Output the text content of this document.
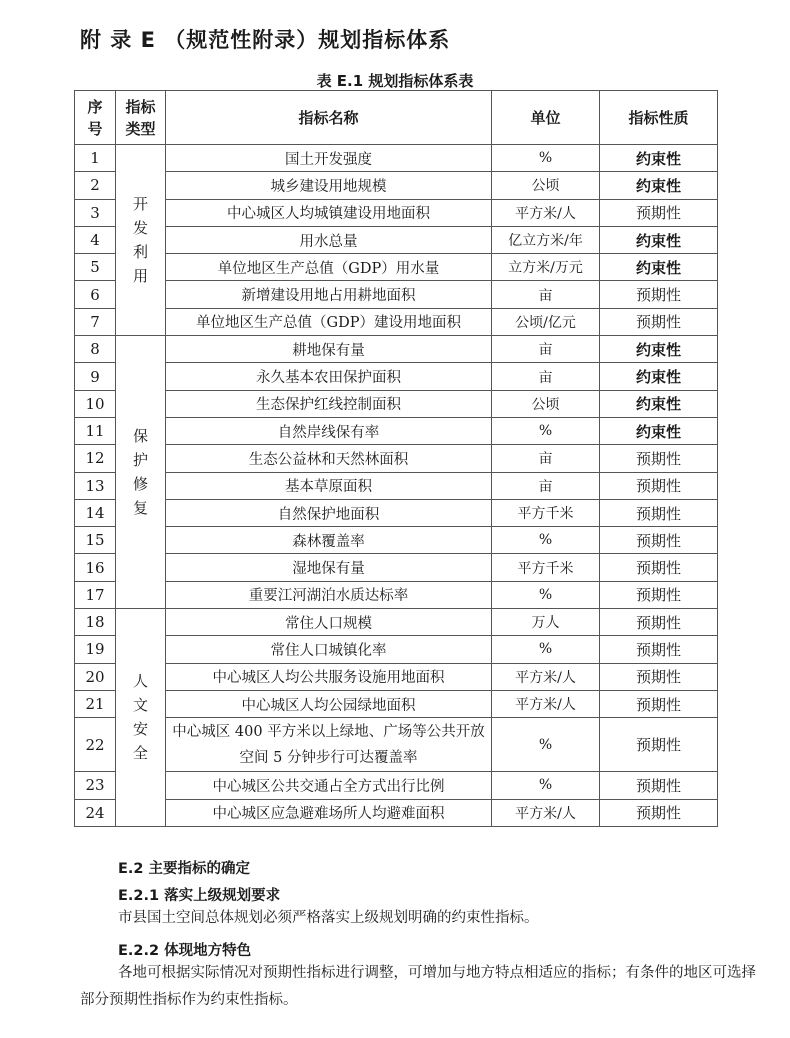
附 录 E （规范性附录）规划指标体系
表 E.1 规划指标体系表
序号	指标类型	指标名称	单位	指标性质
1	开发利用	国土开发强度	%	约束性
2		城乡建设用地规模	公顷	约束性
3		中心城区人均城镇建设用地面积	平方米/人	预期性
4		用水总量	亿立方米/年	约束性
5		单位地区生产总值（GDP）用水量	立方米/万元	约束性
6		新增建设用地占用耕地面积	亩	预期性
7		单位地区生产总值（GDP）建设用地面积	公顷/亿元	预期性
8	保护修复	耕地保有量	亩	约束性
9		永久基本农田保护面积	亩	约束性
10		生态保护红线控制面积	公顷	约束性
11		自然岸线保有率	%	约束性
12		生态公益林和天然林面积	亩	预期性
13		基本草原面积	亩	预期性
14		自然保护地面积	平方千米	预期性
15		森林覆盖率	%	预期性
16		湿地保有量	平方千米	预期性
17		重要江河湖泊水质达标率	%	预期性
18	人文安全	常住人口规模	万人	预期性
19		常住人口城镇化率	%	预期性
20		中心城区人均公共服务设施用地面积	平方米/人	预期性
21		中心城区人均公园绿地面积	平方米/人	预期性
22		中心城区 400 平方米以上绿地、广场等公共开放空间 5 分钟步行可达覆盖率	%	预期性
23		中心城区公共交通占全方式出行比例	%	预期性
24		中心城区应急避难场所人均避难面积	平方米/人	预期性

E.2 主要指标的确定

E.2.1 落实上级规划要求

市县国土空间总体规划必须严格落实上级规划明确的约束性指标。

E.2.2 体现地方特色

各地可根据实际情况对预期性指标进行调整，可增加与地方特点相适应的指标；有条件的地区可选择部分预期性指标作为约束性指标。
